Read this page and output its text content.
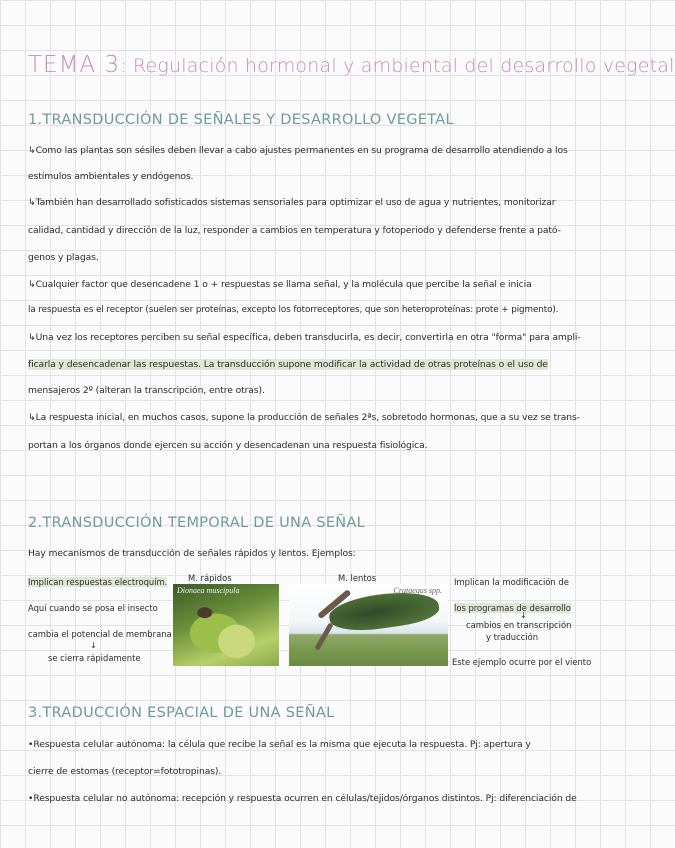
TEMA 3: Regulación hormonal y ambiental del desarrollo vegetal
1.TRANSDUCCIÓN DE SEÑALES Y DESARROLLO VEGETAL
↳Como las plantas son sésiles deben llevar a cabo ajustes permanentes en su programa de desarrollo atendiendo a los
estímulos ambientales y endógenos.
↳También han desarrollado sofisticados sistemas sensoriales para optimizar el uso de agua y nutrientes, monitorizar
calidad, cantidad y dirección de la luz, responder a cambios en temperatura y fotoperiodo y defenderse frente a pató-
genos y plagas.
↳Cualquier factor que desencadene 1 o + respuestas se llama señal, y la molécula que percibe la señal e inicia
la respuesta es el receptor (suelen ser proteínas, excepto los fotorreceptores, que son heteroproteínas: prote + pigmento).
↳Una vez los receptores perciben su señal específica, deben transducirla, es decir, convertirla en otra "forma" para ampli-
ficarla y desencadenar las respuestas. La transducción supone modificar la actividad de otras proteínas o el uso de
mensajeros 2º (alteran la transcripción, entre otras).
↳La respuesta inicial, en muchos casos, supone la producción de señales 2ªs, sobretodo hormonas, que a su vez se trans-
portan a los órganos donde ejercen su acción y desencadenan una respuesta fisiológica.
2.TRANSDUCCIÓN TEMPORAL DE UNA SEÑAL
Hay mecanismos de transducción de señales rápidos y lentos. Ejemplos:
M. rápidos	M. lentos
Implican respuestas electroquím.
Aquí cuando se posa el insecto
cambia el potencial de membrana
↓
se cierra rápidamente
Dionaea muscipula	Crataegus spp.
Implican la modificación de
los programas de desarrollo
↓
cambios en transcripción
y traducción
Este ejemplo ocurre por el viento
3.TRADUCCIÓN ESPACIAL DE UNA SEÑAL
•Respuesta celular autónoma: la célula que recibe la señal es la misma que ejecuta la respuesta. Pj: apertura y
cierre de estomas (receptor=fototropinas).
•Respuesta celular no autónoma: recepción y respuesta ocurren en células/tejidos/órganos distintos. Pj: diferenciación de
